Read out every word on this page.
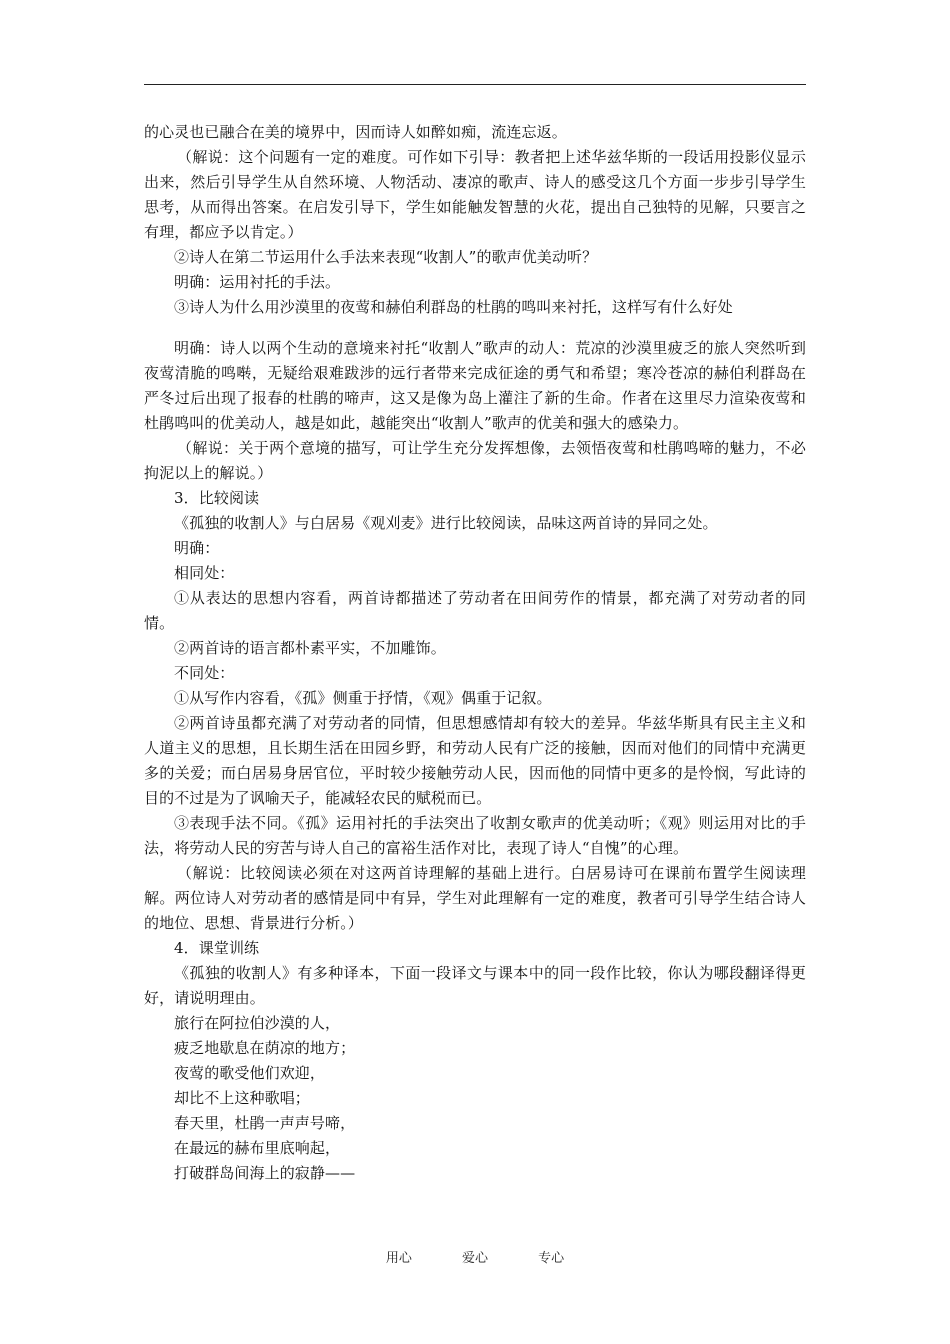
的心灵也已融合在美的境界中，因而诗人如醉如痴，流连忘返。

（解说：这个问题有一定的难度。可作如下引导：教者把上述华兹华斯的一段话用投影仪显示出来，然后引导学生从自然环境、人物活动、凄凉的歌声、诗人的感受这几个方面一步步引导学生思考，从而得出答案。在启发引导下，学生如能触发智慧的火花，提出自己独特的见解，只要言之有理，都应予以肯定。）

②诗人在第二节运用什么手法来表现“收割人”的歌声优美动听？

明确：运用衬托的手法。

③诗人为什么用沙漠里的夜莺和赫伯利群岛的杜鹃的鸣叫来衬托，这样写有什么好处

明确：诗人以两个生动的意境来衬托“收割人”歌声的动人：荒凉的沙漠里疲乏的旅人突然听到夜莺清脆的鸣啭，无疑给艰难跋涉的远行者带来完成征途的勇气和希望；寒冷苍凉的赫伯利群岛在严冬过后出现了报春的杜鹃的啼声，这又是像为岛上灌注了新的生命。作者在这里尽力渲染夜莺和杜鹃鸣叫的优美动人，越是如此，越能突出“收割人”歌声的优美和强大的感染力。

（解说：关于两个意境的描写，可让学生充分发挥想像，去领悟夜莺和杜鹃鸣啼的魅力，不必拘泥以上的解说。）

3．比较阅读

《孤独的收割人》与白居易《观刈麦》进行比较阅读，品味这两首诗的异同之处。

明确：

相同处：

①从表达的思想内容看，两首诗都描述了劳动者在田间劳作的情景，都充满了对劳动者的同情。

②两首诗的语言都朴素平实，不加雕饰。

不同处：

①从写作内容看，《孤》侧重于抒情，《观》偶重于记叙。

②两首诗虽都充满了对劳动者的同情，但思想感情却有较大的差异。华兹华斯具有民主主义和人道主义的思想，且长期生活在田园乡野，和劳动人民有广泛的接触，因而对他们的同情中充满更多的关爱；而白居易身居官位，平时较少接触劳动人民，因而他的同情中更多的是怜悯，写此诗的目的不过是为了讽喻天子，能减轻农民的赋税而已。

③表现手法不同。《孤》运用衬托的手法突出了收割女歌声的优美动听；《观》则运用对比的手法，将劳动人民的穷苦与诗人自己的富裕生活作对比，表现了诗人“自愧”的心理。

（解说：比较阅读必须在对这两首诗理解的基础上进行。白居易诗可在课前布置学生阅读理解。两位诗人对劳动者的感情是同中有异，学生对此理解有一定的难度，教者可引导学生结合诗人的地位、思想、背景进行分析。）

4．课堂训练

《孤独的收割人》有多种译本，下面一段译文与课本中的同一段作比较，你认为哪段翻译得更好，请说明理由。

旅行在阿拉伯沙漠的人，

疲乏地歇息在荫凉的地方；

夜莺的歌受他们欢迎，

却比不上这种歌唱；

春天里，杜鹃一声声号啼，

在最远的赫布里底响起，

打破群岛间海上的寂静——

用心	爱心	专心
